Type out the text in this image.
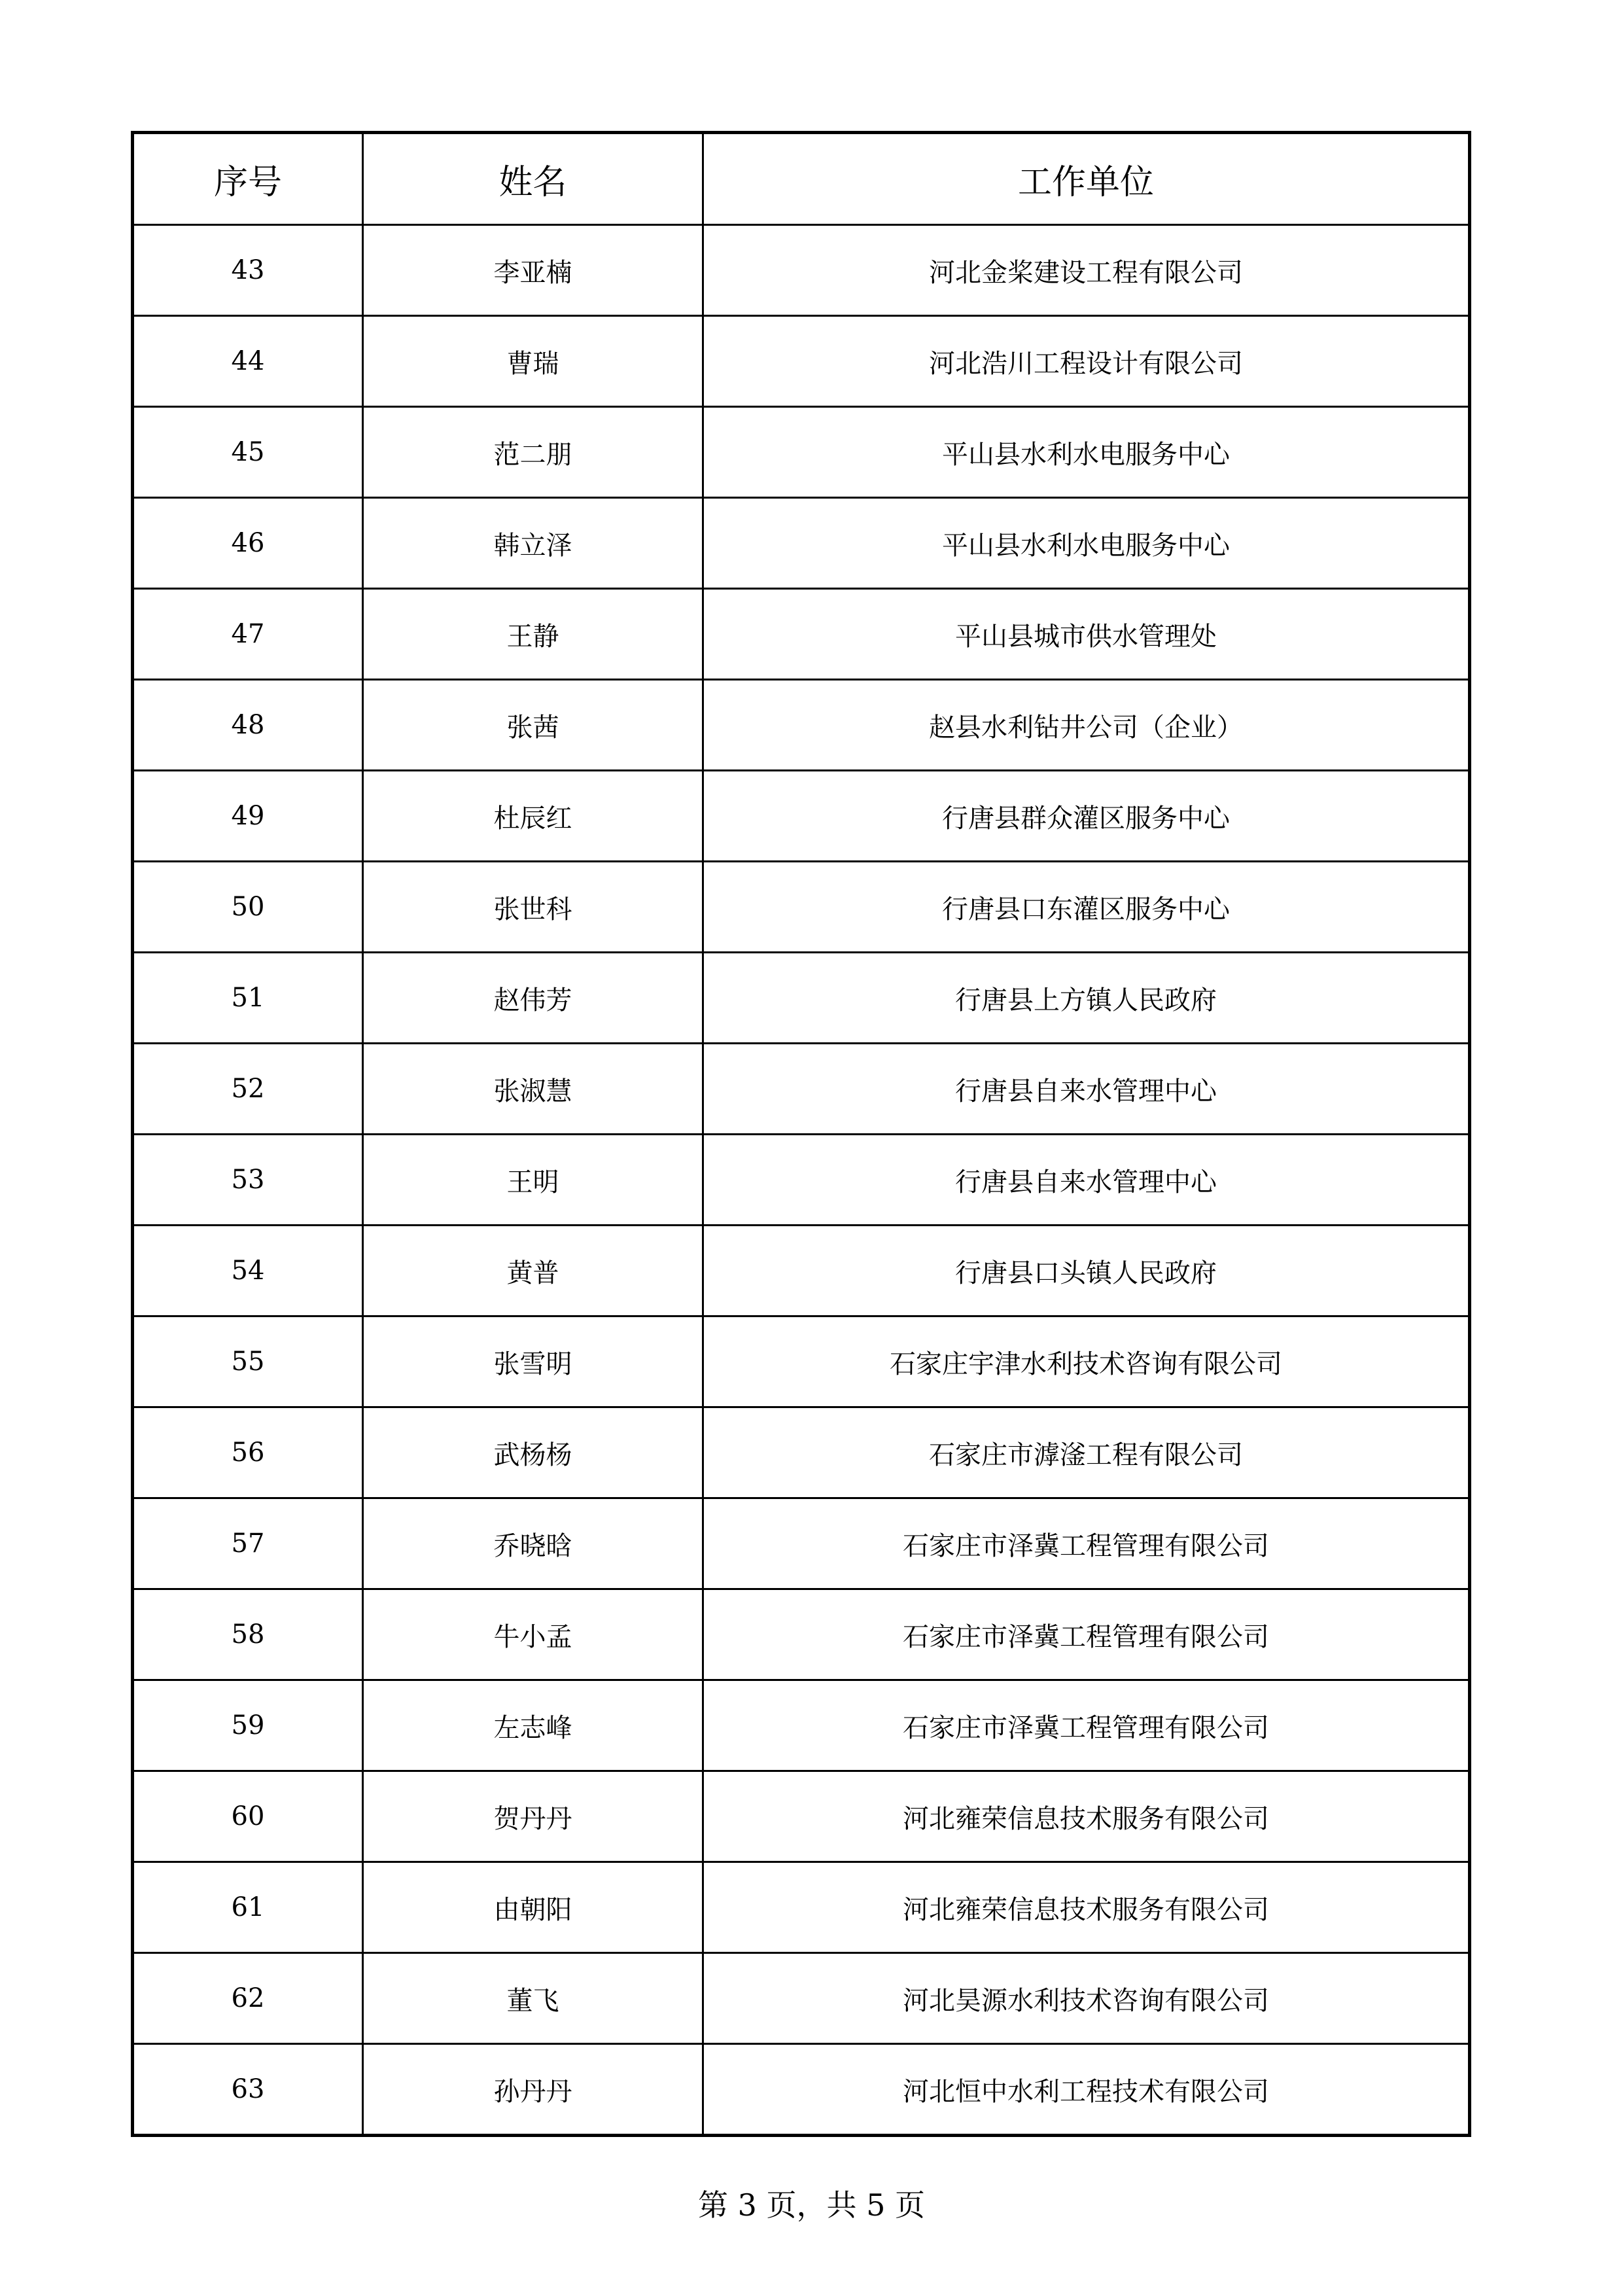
序号	姓名	工作单位
43	李亚楠	河北金桨建设工程有限公司
44	曹瑞	河北浩川工程设计有限公司
45	范二朋	平山县水利水电服务中心
46	韩立泽	平山县水利水电服务中心
47	王静	平山县城市供水管理处
48	张茜	赵县水利钻井公司（企业）
49	杜辰红	行唐县群众灌区服务中心
50	张世科	行唐县口东灌区服务中心
51	赵伟芳	行唐县上方镇人民政府
52	张淑慧	行唐县自来水管理中心
53	王明	行唐县自来水管理中心
54	黄普	行唐县口头镇人民政府
55	张雪明	石家庄宇津水利技术咨询有限公司
56	武杨杨	石家庄市滹滏工程有限公司
57	乔晓晗	石家庄市泽冀工程管理有限公司
58	牛小孟	石家庄市泽冀工程管理有限公司
59	左志峰	石家庄市泽冀工程管理有限公司
60	贺丹丹	河北雍荣信息技术服务有限公司
61	由朝阳	河北雍荣信息技术服务有限公司
62	董飞	河北昊源水利技术咨询有限公司
63	孙丹丹	河北恒中水利工程技术有限公司
第 3 页，共 5 页
